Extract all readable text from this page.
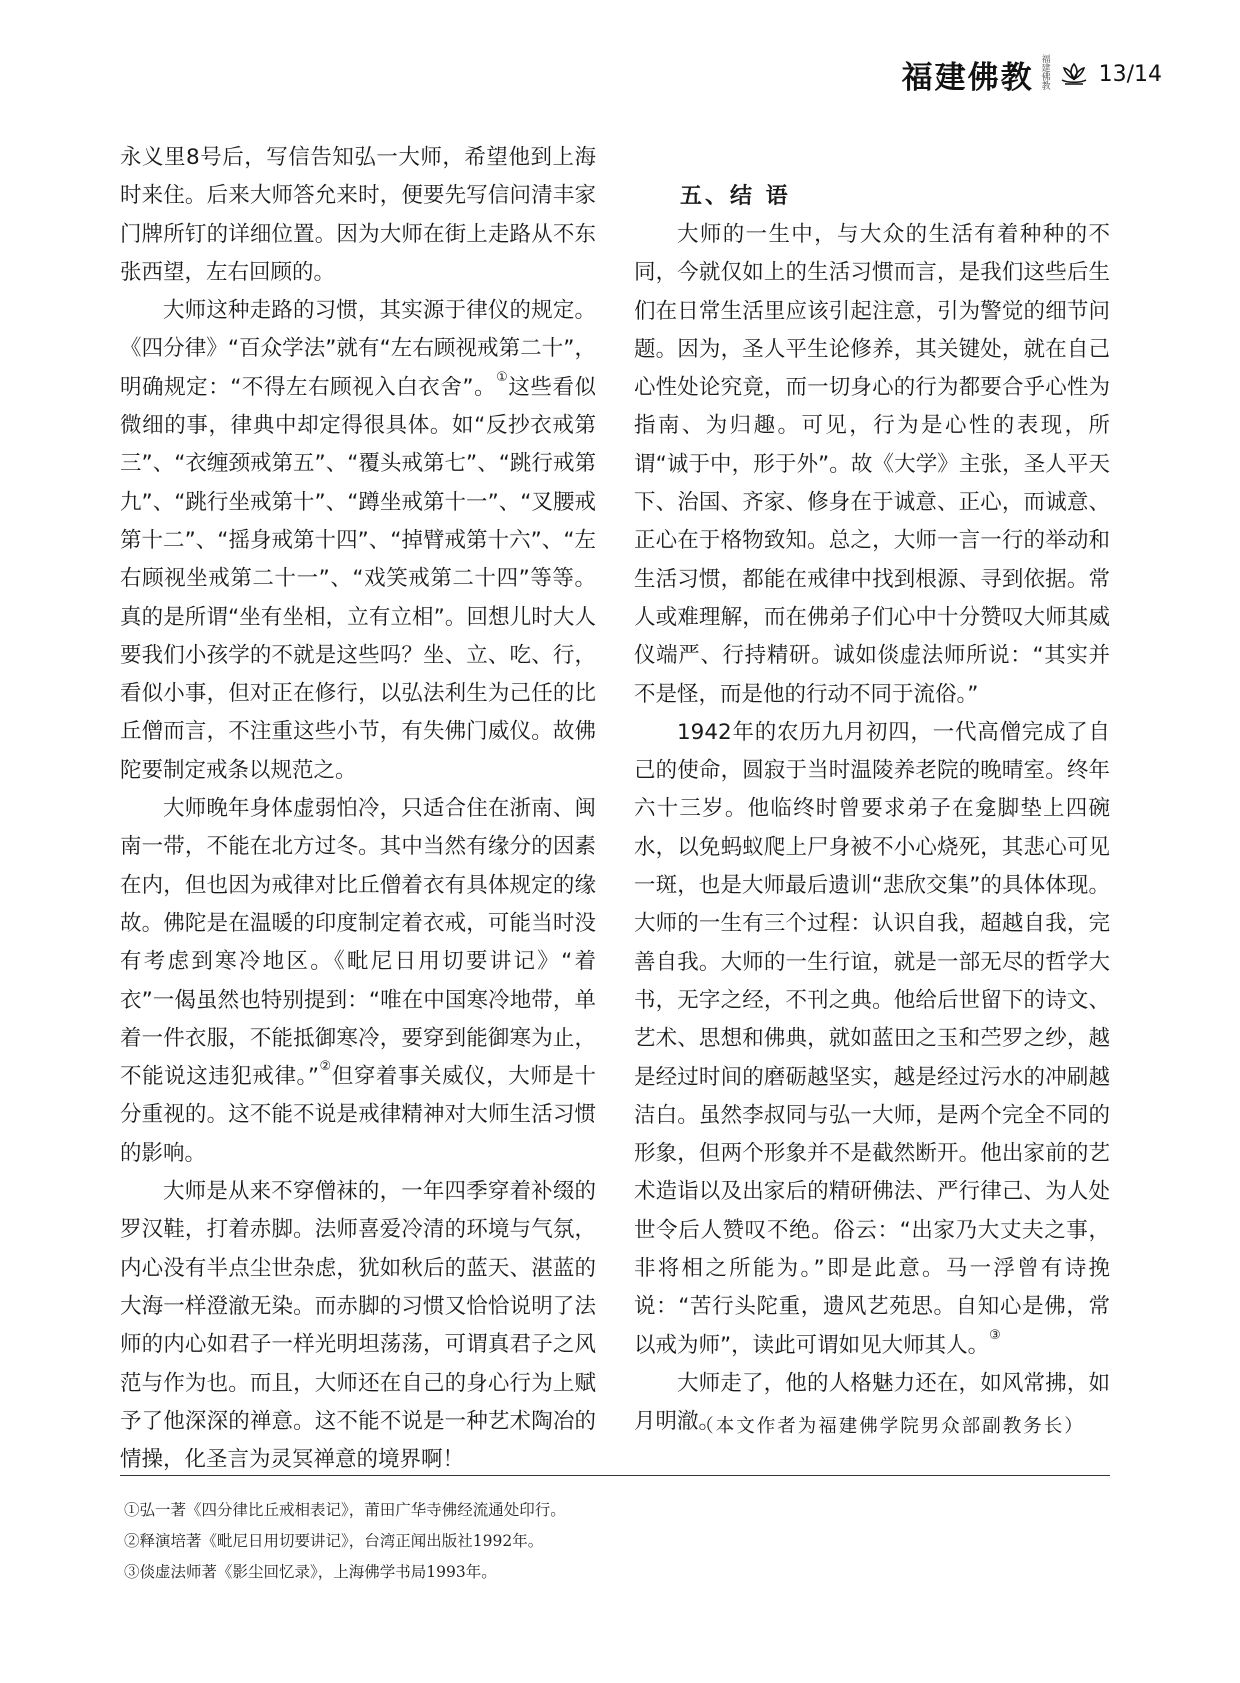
福建佛教 福建佛教
13/14

永义里8号后，写信告知弘一大师，希望他到上海时来住。后来大师答允来时，便要先写信问清丰家门牌所钉的详细位置。因为大师在街上走路从不东张西望，左右回顾的。

大师这种走路的习惯，其实源于律仪的规定。《四分律》“百众学法”就有“左右顾视戒第二十”，明确规定：“不得左右顾视入白衣舍”。①这些看似微细的事，律典中却定得很具体。如“反抄衣戒第三”、“衣缠颈戒第五”、“覆头戒第七”、“跳行戒第九”、“跳行坐戒第十”、“蹲坐戒第十一”、“叉腰戒第十二”、“摇身戒第十四”、“掉臂戒第十六”、“左右顾视坐戒第二十一”、“戏笑戒第二十四”等等。真的是所谓“坐有坐相，立有立相”。回想儿时大人要我们小孩学的不就是这些吗？坐、立、吃、行，看似小事，但对正在修行，以弘法利生为己任的比丘僧而言，不注重这些小节，有失佛门威仪。故佛陀要制定戒条以规范之。

大师晚年身体虚弱怕冷，只适合住在浙南、闽南一带，不能在北方过冬。其中当然有缘分的因素在内，但也因为戒律对比丘僧着衣有具体规定的缘故。佛陀是在温暖的印度制定着衣戒，可能当时没有考虑到寒冷地区。《毗尼日用切要讲记》“着衣”一偈虽然也特别提到：“唯在中国寒冷地带，单着一件衣服，不能抵御寒冷，要穿到能御寒为止，不能说这违犯戒律。”②但穿着事关威仪，大师是十分重视的。这不能不说是戒律精神对大师生活习惯的影响。

大师是从来不穿僧袜的，一年四季穿着补缀的罗汉鞋，打着赤脚。法师喜爱冷清的环境与气氛，内心没有半点尘世杂虑，犹如秋后的蓝天、湛蓝的大海一样澄澈无染。而赤脚的习惯又恰恰说明了法师的内心如君子一样光明坦荡荡，可谓真君子之风范与作为也。而且，大师还在自己的身心行为上赋予了他深深的禅意。这不能不说是一种艺术陶冶的情操，化圣言为灵冥禅意的境界啊！

五、结 语

大师的一生中，与大众的生活有着种种的不同，今就仅如上的生活习惯而言，是我们这些后生们在日常生活里应该引起注意，引为警觉的细节问题。因为，圣人平生论修养，其关键处，就在自己心性处论究竟，而一切身心的行为都要合乎心性为指南、为归趣。可见，行为是心性的表现，所谓“诚于中，形于外”。故《大学》主张，圣人平天下、治国、齐家、修身在于诚意、正心，而诚意、正心在于格物致知。总之，大师一言一行的举动和生活习惯，都能在戒律中找到根源、寻到依据。常人或难理解，而在佛弟子们心中十分赞叹大师其威仪端严、行持精研。诚如倓虚法师所说：“其实并不是怪，而是他的行动不同于流俗。”

1942年的农历九月初四，一代高僧完成了自己的使命，圆寂于当时温陵养老院的晚晴室。终年六十三岁。他临终时曾要求弟子在龛脚垫上四碗水，以免蚂蚁爬上尸身被不小心烧死，其悲心可见一斑，也是大师最后遗训“悲欣交集”的具体体现。大师的一生有三个过程：认识自我，超越自我，完善自我。大师的一生行谊，就是一部无尽的哲学大书，无字之经，不刊之典。他给后世留下的诗文、艺术、思想和佛典，就如蓝田之玉和苎罗之纱，越是经过时间的磨砺越坚实，越是经过污水的冲刷越洁白。虽然李叔同与弘一大师，是两个完全不同的形象，但两个形象并不是截然断开。他出家前的艺术造诣以及出家后的精研佛法、严行律己、为人处世令后人赞叹不绝。俗云：“出家乃大丈夫之事，非将相之所能为。”即是此意。马一浮曾有诗挽说：“苦行头陀重，遗风艺苑思。自知心是佛，常以戒为师”，读此可谓如见大师其人。③

大师走了，他的人格魅力还在，如风常拂，如月明澈。

（本文作者为福建佛学院男众部副教务长）
①弘一著《四分律比丘戒相表记》，莆田广华寺佛经流通处印行。
②释演培著《毗尼日用切要讲记》，台湾正闻出版社1992年。
③倓虚法师著《影尘回忆录》，上海佛学书局1993年。
